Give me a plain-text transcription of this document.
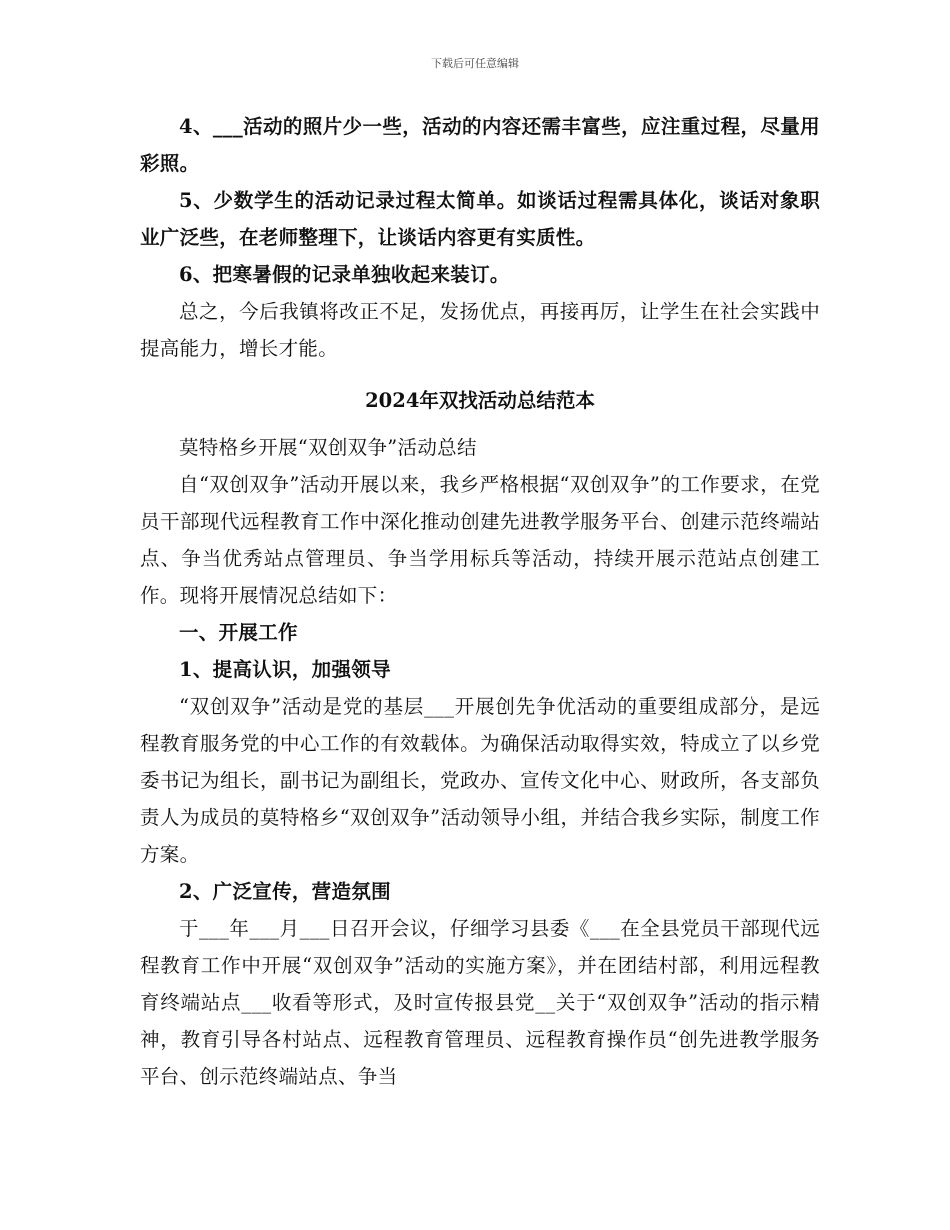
下载后可任意编辑

4、___活动的照片少一些，活动的内容还需丰富些，应注重过程，尽量用彩照。

5、少数学生的活动记录过程太简单。如谈话过程需具体化，谈话对象职业广泛些，在老师整理下，让谈话内容更有实质性。

6、把寒暑假的记录单独收起来装订。

总之，今后我镇将改正不足，发扬优点，再接再厉，让学生在社会实践中提高能力，增长才能。

2024年双找活动总结范本

莫特格乡开展“双创双争”活动总结

自“双创双争”活动开展以来，我乡严格根据“双创双争”的工作要求，在党员干部现代远程教育工作中深化推动创建先进教学服务平台、创建示范终端站点、争当优秀站点管理员、争当学用标兵等活动，持续开展示范站点创建工作。现将开展情况总结如下：

一、开展工作

1、提高认识，加强领导

“双创双争”活动是党的基层___开展创先争优活动的重要组成部分，是远程教育服务党的中心工作的有效载体。为确保活动取得实效，特成立了以乡党委书记为组长，副书记为副组长，党政办、宣传文化中心、财政所，各支部负责人为成员的莫特格乡“双创双争”活动领导小组，并结合我乡实际，制度工作方案。

2、广泛宣传，营造氛围

于___年___月___日召开会议，仔细学习县委《___在全县党员干部现代远程教育工作中开展“双创双争”活动的实施方案》，并在团结村部，利用远程教育终端站点___收看等形式，及时宣传报县党__关于“双创双争”活动的指示精神，教育引导各村站点、远程教育管理员、远程教育操作员“创先进教学服务平台、创示范终端站点、争当
